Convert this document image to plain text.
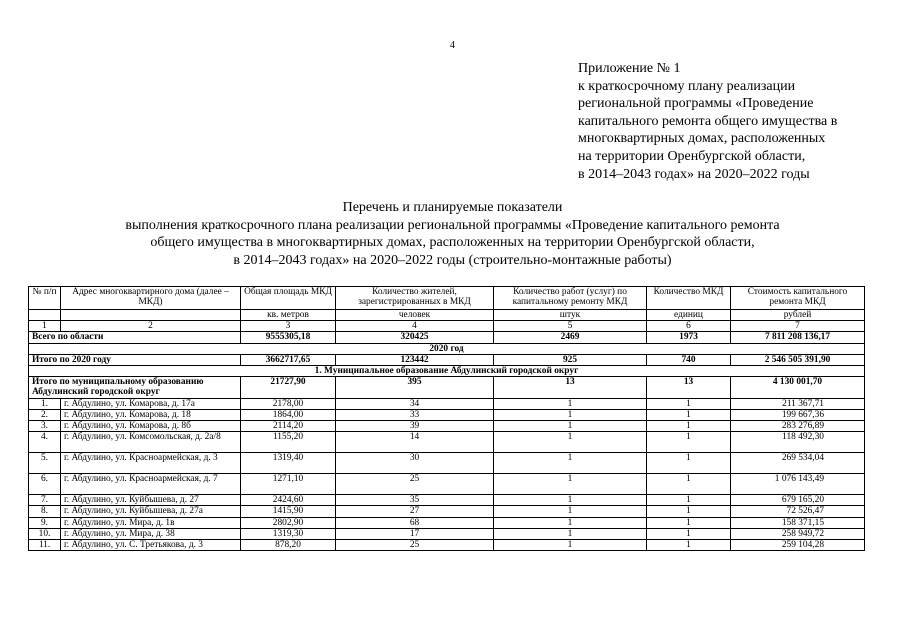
4
Приложение № 1
к краткосрочному плану реализации
региональной программы «Проведение
капитального ремонта общего имущества в
многоквартирных домах, расположенных
на территории Оренбургской области,
в 2014–2043 годах» на 2020–2022 годы
Перечень и планируемые показатели
выполнения краткосрочного плана реализации региональной программы «Проведение капитального ремонта
общего имущества в многоквартирных домах, расположенных на территории Оренбургской области,
в 2014–2043 годах» на 2020–2022 годы (строительно-монтажные работы)
№ п/п	Адрес многоквартирного дома (далее – МКД)	Общая площадь МКД	Количество жителей, зарегистрированных в МКД	Количество работ (услуг) по капитальному ремонту МКД	Количество МКД	Стоимость капитального ремонта МКД
		кв. метров	человек	штук	единиц	рублей
1	2	3	4	5	6	7
Всего по области		9555305,18	320425	2469	1973	7 811 208 136,17
2020 год						
Итого по 2020 году		3662717,65	123442	925	740	2 546 505 391,90
1. Муниципальное образование Абдулинский городской округ						
Итого по муниципальному образованию Абдулинский городской округ		21727,90	395	13	13	4 130 001,70
1.	г. Абдулино, ул. Комарова, д. 17а	2178,00	34	1	1	211 367,71
2.	г. Абдулино, ул. Комарова, д. 18	1864,00	33	1	1	199 667,36
3.	г. Абдулино, ул. Комарова, д. 8б	2114,20	39	1	1	283 276,89
4.	г. Абдулино, ул. Комсомольская, д. 2а/8	1155,20	14	1	1	118 492,30
5.	г. Абдулино, ул. Красноармейская, д. 3	1319,40	30	1	1	269 534,04
6.	г. Абдулино, ул. Красноармейская, д. 7	1271,10	25	1	1	1 076 143,49
7.	г. Абдулино, ул. Куйбышева, д. 27	2424,60	35	1	1	679 165,20
8.	г. Абдулино, ул. Куйбышева, д. 27а	1415,90	27	1	1	72 526,47
9.	г. Абдулино, ул. Мира, д. 1в	2802,90	68	1	1	158 371,15
10.	г. Абдулино, ул. Мира, д. 38	1319,30	17	1	1	258 949,72
11.	г. Абдулино, ул. С. Третьякова, д. 3	878,20	25	1	1	259 104,28
